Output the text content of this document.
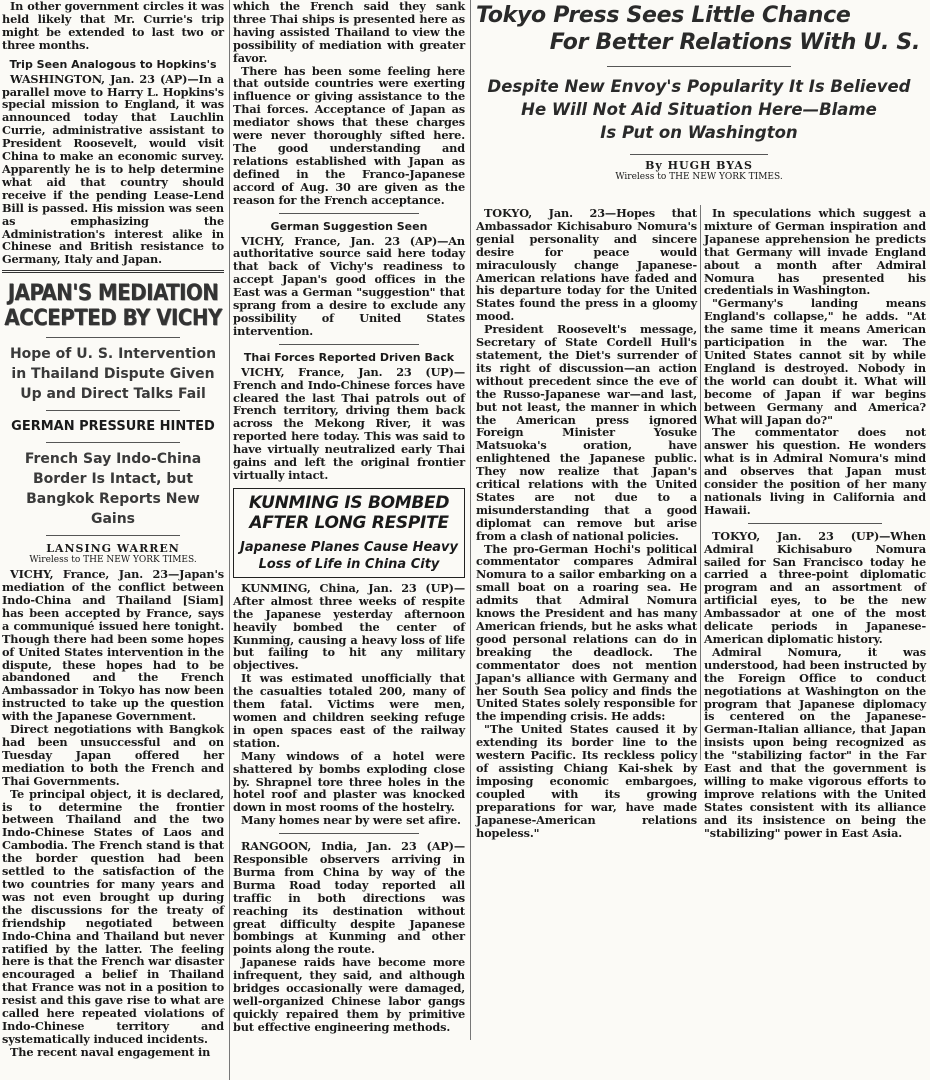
In other government circles it was held likely that Mr. Currie's trip might be extended to last two or three months.

Trip Seen Analogous to Hopkins's

WASHINGTON, Jan. 23 (AP)—In a parallel move to Harry L. Hopkins's special mission to England, it was announced today that Lauchlin Currie, administrative assistant to President Roosevelt, would visit China to make an economic survey. Apparently he is to help determine what aid that country should receive if the pending Lease-Lend Bill is passed. His mission was seen as emphasizing the Administration's interest alike in Chinese and British resistance to Germany, Italy and Japan.

JAPAN'S MEDIATION ACCEPTED BY VICHY
Hope of U. S. Intervention in Thailand Dispute Given Up and Direct Talks Fail
GERMAN PRESSURE HINTED
French Say Indo-China Border Is Intact, but Bangkok Reports New Gains
LANSING WARREN
Wireless to THE NEW YORK TIMES.

VICHY, France, Jan. 23—Japan's mediation of the conflict between Indo-China and Thailand [Siam] has been accepted by France, says a communiqué issued here tonight. Though there had been some hopes of United States intervention in the dispute, these hopes had to be abandoned and the French Ambassador in Tokyo has now been instructed to take up the question with the Japanese Government.

Direct negotiations with Bangkok had been unsuccessful and on Tuesday Japan offered her mediation to both the French and Thai Governments.

Te principal object, it is declared, is to determine the frontier between Thailand and the two Indo-Chinese States of Laos and Cambodia. The French stand is that the border question had been settled to the satisfaction of the two countries for many years and was not even brought up during the discussions for the treaty of friendship negotiated between Indo-China and Thailand but never ratified by the latter. The feeling here is that the French war disaster encouraged a belief in Thailand that France was not in a position to resist and this gave rise to what are called here repeated violations of Indo-Chinese territory and systematically induced incidents.

The recent naval engagement in

which the French said they sank three Thai ships is presented here as having assisted Thailand to view the possibility of mediation with greater favor.

There has been some feeling here that outside countries were exerting influence or giving assistance to the Thai forces. Acceptance of Japan as mediator shows that these charges were never thoroughly sifted here. The good understanding and relations established with Japan as defined in the Franco-Japanese accord of Aug. 30 are given as the reason for the French acceptance.

German Suggestion Seen

VICHY, France, Jan. 23 (AP)—An authoritative source said here today that back of Vichy's readiness to accept Japan's good offices in the East was a German "suggestion" that sprang from a desire to exclude any possibility of United States intervention.

Thai Forces Reported Driven Back

VICHY, France, Jan. 23 (UP)—French and Indo-Chinese forces have cleared the last Thai patrols out of French territory, driving them back across the Mekong River, it was reported here today. This was said to have virtually neutralized early Thai gains and left the original frontier virtually intact.

KUNMING IS BOMBED AFTER LONG RESPITE
Japanese Planes Cause Heavy Loss of Life in China City

KUNMING, China, Jan. 23 (UP)—After almost three weeks of respite the Japanese yesterday afternoon heavily bombed the center of Kunming, causing a heavy loss of life but failing to hit any military objectives.

It was estimated unofficially that the casualties totaled 200, many of them fatal. Victims were men, women and children seeking refuge in open spaces east of the railway station.

Many windows of a hotel were shattered by bombs exploding close by. Shrapnel tore three holes in the hotel roof and plaster was knocked down in most rooms of the hostelry.

Many homes near by were set afire.

RANGOON, India, Jan. 23 (AP)—Responsible observers arriving in Burma from China by way of the Burma Road today reported all traffic in both directions was reaching its destination without great difficulty despite Japanese bombings at Kunming and other points along the route.

Japanese raids have become more infrequent, they said, and although bridges occasionally were damaged, well-organized Chinese labor gangs quickly repaired them by primitive but effective engineering methods.

Tokyo Press Sees Little Chance
For Better Relations With U. S.
Despite New Envoy's Popularity It Is Believed
He Will Not Aid Situation Here—Blame
Is Put on Washington
By HUGH BYAS
Wireless to THE NEW YORK TIMES.

TOKYO, Jan. 23—Hopes that Ambassador Kichisaburo Nomura's genial personality and sincere desire for peace would miraculously change Japanese-American relations have faded and his departure today for the United States found the press in a gloomy mood.

President Roosevelt's message, Secretary of State Cordell Hull's statement, the Diet's surrender of its right of discussion—an action without precedent since the eve of the Russo-Japanese war—and last, but not least, the manner in which the American press ignored Foreign Minister Yosuke Matsuoka's oration, have enlightened the Japanese public. They now realize that Japan's critical relations with the United States are not due to a misunderstanding that a good diplomat can remove but arise from a clash of national policies.

The pro-German Hochi's political commentator compares Admiral Nomura to a sailor embarking on a small boat on a roaring sea. He admits that Admiral Nomura knows the President and has many American friends, but he asks what good personal relations can do in breaking the deadlock. The commentator does not mention Japan's alliance with Germany and her South Sea policy and finds the United States solely responsible for the impending crisis. He adds:

"The United States caused it by extending its border line to the western Pacific. Its reckless policy of assisting Chiang Kai-shek by imposing economic embargoes, coupled with its growing preparations for war, have made Japanese-American relations hopeless."

In speculations which suggest a mixture of German inspiration and Japanese apprehension he predicts that Germany will invade England about a month after Admiral Nomura has presented his credentials in Washington.

"Germany's landing means England's collapse," he adds. "At the same time it means American participation in the war. The United States cannot sit by while England is destroyed. Nobody in the world can doubt it. What will become of Japan if war begins between Germany and America? What will Japan do?"

The commentator does not answer his question. He wonders what is in Admiral Nomura's mind and observes that Japan must consider the position of her many nationals living in California and Hawaii.

TOKYO, Jan. 23 (UP)—When Admiral Kichisaburo Nomura sailed for San Francisco today he carried a three-point diplomatic program and an assortment of artificial eyes, to be the new Ambassador at one of the most delicate periods in Japanese-American diplomatic history.

Admiral Nomura, it was understood, had been instructed by the Foreign Office to conduct negotiations at Washington on the program that Japanese diplomacy is centered on the Japanese-German-Italian alliance, that Japan insists upon being recognized as the "stabilizing factor" in the Far East and that the government is willing to make vigorous efforts to improve relations with the United States consistent with its alliance and its insistence on being the "stabilizing" power in East Asia.
